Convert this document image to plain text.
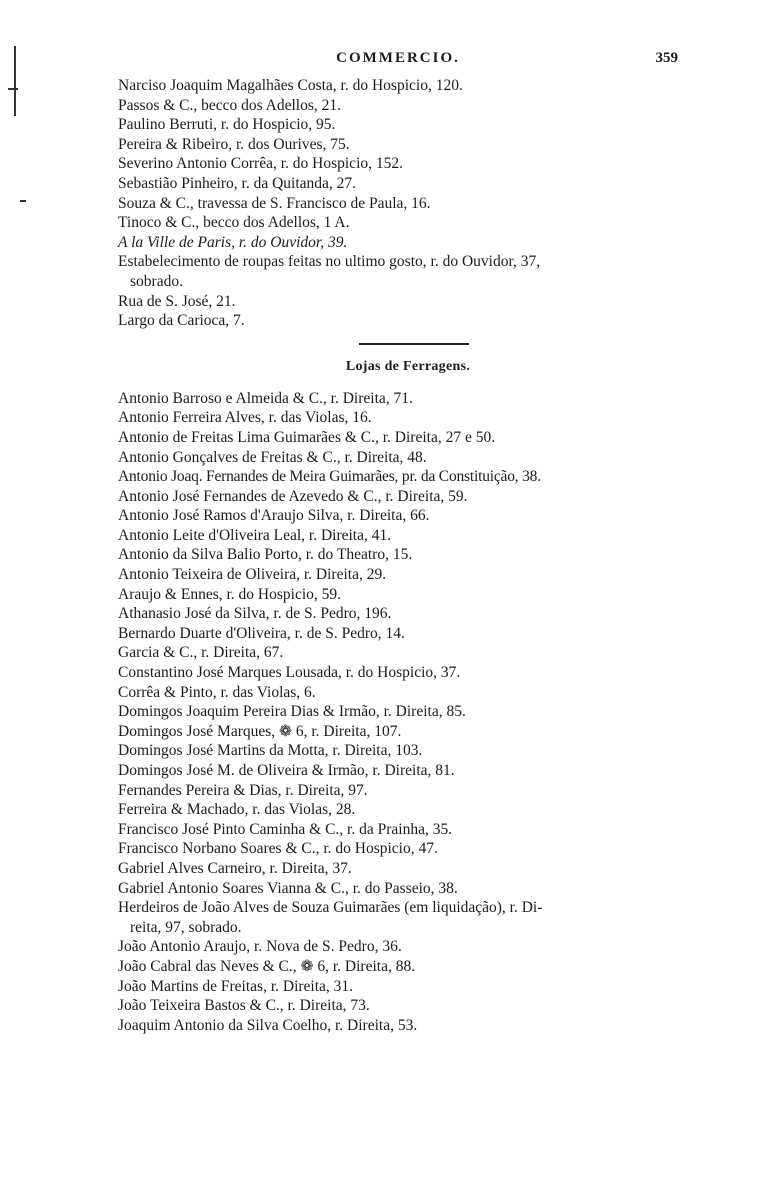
COMMERCIO.	359
Narciso Joaquim Magalhães Costa, r. do Hospicio, 120.
Passos & C., becco dos Adellos, 21.
Paulino Berruti, r. do Hospicio, 95.
Pereira & Ribeiro, r. dos Ourives, 75.
Severino Antonio Corrêa, r. do Hospicio, 152.
Sebastião Pinheiro, r. da Quitanda, 27.
Souza & C., travessa de S. Francisco de Paula, 16.
Tinoco & C., becco dos Adellos, 1 A.
A la Ville de Paris, r. do Ouvidor, 39.
Estabelecimento de roupas feitas no ultimo gosto, r. do Ouvidor, 37,
sobrado.
Rua de S. José, 21.
Largo da Carioca, 7.
Lojas de Ferragens.
Antonio Barroso e Almeida & C., r. Direita, 71.
Antonio Ferreira Alves, r. das Violas, 16.
Antonio de Freitas Lima Guimarães & C., r. Direita, 27 e 50.
Antonio Gonçalves de Freitas & C., r. Direita, 48.
Antonio Joaq. Fernandes de Meira Guimarães, pr. da Constituição, 38.
Antonio José Fernandes de Azevedo & C., r. Direita, 59.
Antonio José Ramos d'Araujo Silva, r. Direita, 66.
Antonio Leite d'Oliveira Leal, r. Direita, 41.
Antonio da Silva Balio Porto, r. do Theatro, 15.
Antonio Teixeira de Oliveira, r. Direita, 29.
Araujo & Ennes, r. do Hospicio, 59.
Athanasio José da Silva, r. de S. Pedro, 196.
Bernardo Duarte d'Oliveira, r. de S. Pedro, 14.
Garcia & C., r. Direita, 67.
Constantino José Marques Lousada, r. do Hospicio, 37.
Corrêa & Pinto, r. das Violas, 6.
Domingos Joaquim Pereira Dias & Irmão, r. Direita, 85.
Domingos José Marques, ❁ 6, r. Direita, 107.
Domingos José Martins da Motta, r. Direita, 103.
Domingos José M. de Oliveira & Irmão, r. Direita, 81.
Fernandes Pereira & Dias, r. Direita, 97.
Ferreira & Machado, r. das Violas, 28.
Francisco José Pinto Caminha & C., r. da Prainha, 35.
Francisco Norbano Soares & C., r. do Hospicio, 47.
Gabriel Alves Carneiro, r. Direita, 37.
Gabriel Antonio Soares Vianna & C., r. do Passeio, 38.
Herdeiros de João Alves de Souza Guimarães (em liquidação), r. Di-
reita, 97, sobrado.
João Antonio Araujo, r. Nova de S. Pedro, 36.
João Cabral das Neves & C., ❁ 6, r. Direita, 88.
João Martins de Freitas, r. Direita, 31.
João Teixeira Bastos & C., r. Direita, 73.
Joaquim Antonio da Silva Coelho, r. Direita, 53.
